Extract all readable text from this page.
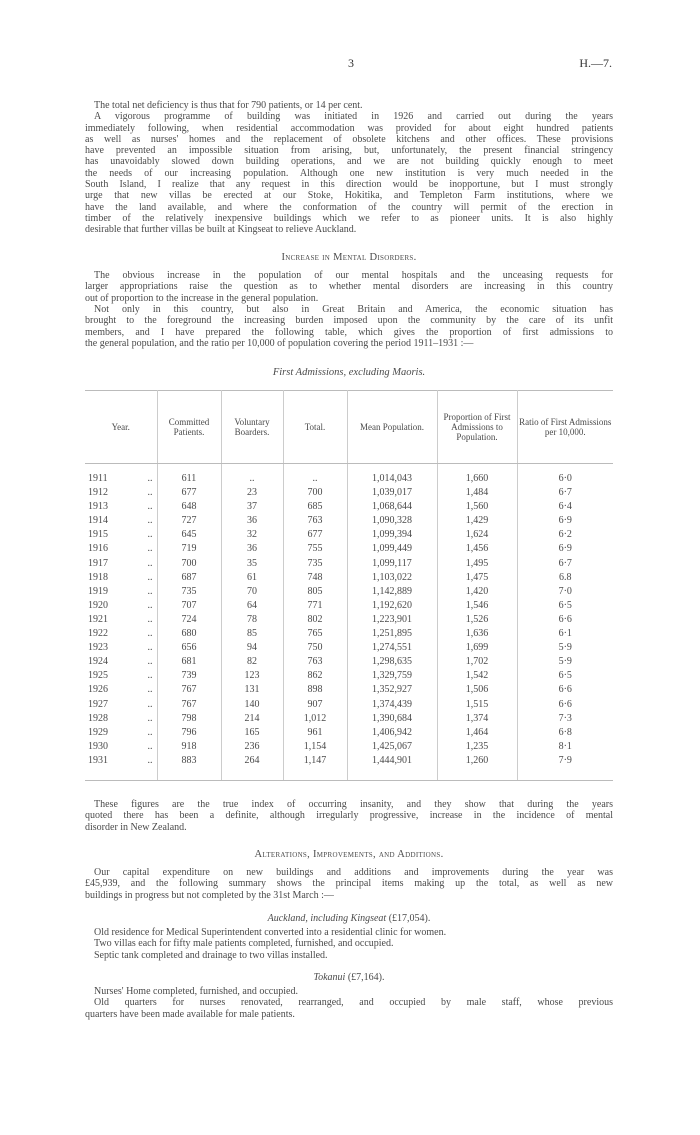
3	H.—7.
The total net deficiency is thus that for 790 patients, or 14 per cent.
A vigorous programme of building was initiated in 1926 and carried out during the years
immediately following, when residential accommodation was provided for about eight hundred patients
as well as nurses' homes and the replacement of obsolete kitchens and other offices. These provisions
have prevented an impossible situation from arising, but, unfortunately, the present financial stringency
has unavoidably slowed down building operations, and we are not building quickly enough to meet
the needs of our increasing population. Although one new institution is very much needed in the
South Island, I realize that any request in this direction would be inopportune, but I must strongly
urge that new villas be erected at our Stoke, Hokitika, and Templeton Farm institutions, where we
have the land available, and where the conformation of the country will permit of the erection in
timber of the relatively inexpensive buildings which we refer to as pioneer units. It is also highly
desirable that further villas be built at Kingseat to relieve Auckland.
Increase in Mental Disorders.
The obvious increase in the population of our mental hospitals and the unceasing requests for
larger appropriations raise the question as to whether mental disorders are increasing in this country
out of proportion to the increase in the general population.
Not only in this country, but also in Great Britain and America, the economic situation has
brought to the foreground the increasing burden imposed upon the community by the care of its unfit
members, and I have prepared the following table, which gives the proportion of first admissions to
the general population, and the ratio per 10,000 of population covering the period 1911–1931 :—
First Admissions, excluding Maoris.
Year.		Committed Patients.	Voluntary Boarders.	Total.	Mean Population.	Proportion of First Admissions to Population.	Ratio of First Admissions per 10,000.
1911	..	611	..	..	1,014,043	1,660	6·0
1912	..	677	23	700	1,039,017	1,484	6·7
1913	..	648	37	685	1,068,644	1,560	6·4
1914	..	727	36	763	1,090,328	1,429	6·9
1915	..	645	32	677	1,099,394	1,624	6·2
1916	..	719	36	755	1,099,449	1,456	6·9
1917	..	700	35	735	1,099,117	1,495	6·7
1918	..	687	61	748	1,103,022	1,475	6.8
1919	..	735	70	805	1,142,889	1,420	7·0
1920	..	707	64	771	1,192,620	1,546	6·5
1921	..	724	78	802	1,223,901	1,526	6·6
1922	..	680	85	765	1,251,895	1,636	6·1
1923	..	656	94	750	1,274,551	1,699	5·9
1924	..	681	82	763	1,298,635	1,702	5·9
1925	..	739	123	862	1,329,759	1,542	6·5
1926	..	767	131	898	1,352,927	1,506	6·6
1927	..	767	140	907	1,374,439	1,515	6·6
1928	..	798	214	1,012	1,390,684	1,374	7·3
1929	..	796	165	961	1,406,942	1,464	6·8
1930	..	918	236	1,154	1,425,067	1,235	8·1
1931	..	883	264	1,147	1,444,901	1,260	7·9

These figures are the true index of occurring insanity, and they show that during the years
quoted there has been a definite, although irregularly progressive, increase in the incidence of mental
disorder in New Zealand.
Alterations, Improvements, and Additions.
Our capital expenditure on new buildings and additions and improvements during the year was
£45,939, and the following summary shows the principal items making up the total, as well as new
buildings in progress but not completed by the 31st March :—
Auckland, including Kingseat (£17,054).
Old residence for Medical Superintendent converted into a residential clinic for women.
Two villas each for fifty male patients completed, furnished, and occupied.
Septic tank completed and drainage to two villas installed.
Tokanui (£7,164).
Nurses' Home completed, furnished, and occupied.
Old quarters for nurses renovated, rearranged, and occupied by male staff, whose previous
quarters have been made available for male patients.
